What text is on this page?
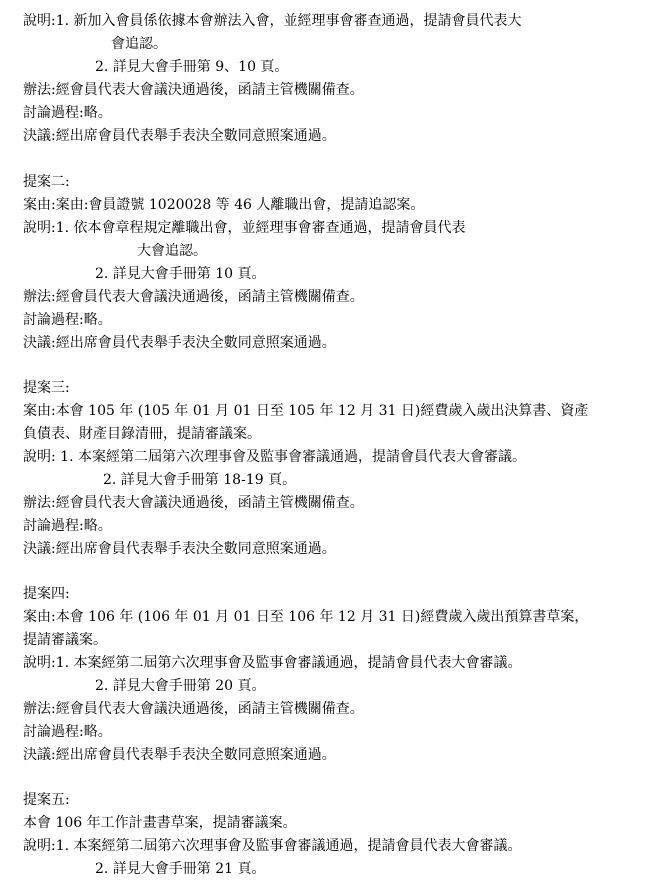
說明:1. 新加入會員係依據本會辦法入會，並經理事會審查通過，提請會員代表大
會追認。
2. 詳見大會手冊第 9、10 頁。
辦法:經會員代表大會議決通過後，函請主管機關備查。
討論過程:略。
決議:經出席會員代表舉手表決全數同意照案通過。
提案二:
案由:案由:會員證號 1020028 等 46 人離職出會，提請追認案。
說明:1. 依本會章程規定離職出會，並經理事會審查通過，提請會員代表
大會追認。
2. 詳見大會手冊第 10 頁。
辦法:經會員代表大會議決通過後，函請主管機關備查。
討論過程:略。
決議:經出席會員代表舉手表決全數同意照案通過。
提案三:
案由:本會 105 年 (105 年 01 月 01 日至 105 年 12 月 31 日)經費歲入歲出決算書、資產
負債表、財產目錄清冊，提請審議案。
說明: 1. 本案經第二屆第六次理事會及監事會審議通過，提請會員代表大會審議。
2. 詳見大會手冊第 18-19 頁。
辦法:經會員代表大會議決通過後，函請主管機關備查。
討論過程:略。
決議:經出席會員代表舉手表決全數同意照案通過。
提案四:
案由:本會 106 年 (106 年 01 月 01 日至 106 年 12 月 31 日)經費歲入歲出預算書草案，
提請審議案。
說明:1. 本案經第二屆第六次理事會及監事會審議通過，提請會員代表大會審議。
2. 詳見大會手冊第 20 頁。
辦法:經會員代表大會議決通過後，函請主管機關備查。
討論過程:略。
決議:經出席會員代表舉手表決全數同意照案通過。
提案五:
本會 106 年工作計畫書草案，提請審議案。
說明:1. 本案經第二屆第六次理事會及監事會審議通過，提請會員代表大會審議。
2. 詳見大會手冊第 21 頁。
